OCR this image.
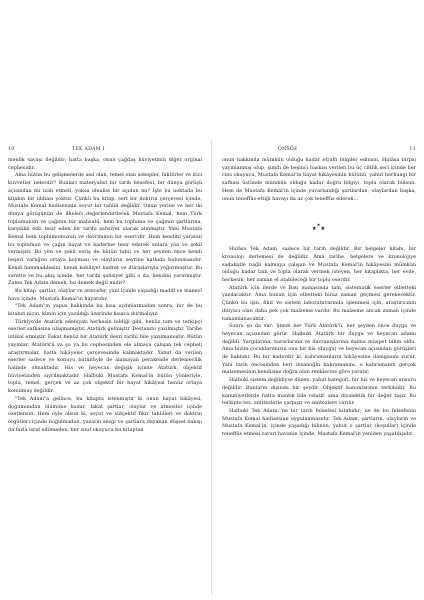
10	TEK ADAM I

menlik savaşı değildir; hatta başka, onun çağdaş hüviyetinin diğer orijinal cephesidir.

Ama bütün bu gelişmelerde asıl olan, temel olan sebepler, faktörler ve itici kuvvetler nelerdir? Bunları materyalist bir tarih felsefesi, bir dünya görüşü açısından mı izah etmeli, yoksa idealist bir açıdan mı? İşte bu noktada bu kitabın bir iddiası yoktur. Çünkü bu kitap, sert bir doktrin çerçevesi içinde, Mustafa Kemal hadisesinin soyut bir tahlili değildir. Onun yerine ve her iki dünya görüşünün de ilkeleri değerlendirilerek Mustafa Kemal, hem Türk toplumunun ve çağının bir mahsulü, hem bu topluma ve çağının şartlarına, karşılıklı etki tesir eden bir tarihi şahsiyet olarak alınmıştır. Yani Mustafa Kemal hem toplumumuzun ve devriminin bir eseri'dir. Hem kendini yaratan bu toplumun ve çağın hayat ve kaderine tesir ederek onlara yön ve şekil vermiştir. Bu yön ve şekil veriş de bütün tabii ve her şeyden önce kendi beşerî varlığını ortaya koyması ve olayların seyrine katkıda bulunmasıdır. Kendi hammaddesini, kendi kabiliyet kudret ve iltiraslarıyla yoğurmuştur. Bu surette ve bu akış içinde, her tarihi şahsiyet gibi o da, kendini yaratmıştır. Zaten Tek Adam demek, bu demek değil midir?

Bu kitap, şartlar, olaylar ve atmosfer, yani içinde yaşadığı maddî ve manevî hava içinde, Mustafa Kemal'in hayatıdır.

"Tek Adam"ın yapısı hakkında bu kısa aydınlatmadan sonra, bir de bu kitabın niçin, kimin için yazıldığı üzerinde kısaca durmalıyız:

Türkiye'de Atatürk edebiyatı herkesin bildiği gibi, henüz tam ve terkipçi eserler safhasına ulaşmamıştır. Atatürk gelmiştir. Destanını yazılmıştır. Tarihe intikal etmiştir. Fakat henüz bir Atatürk devri tarihi bile yazılmamıştır. Bütün yayınlar, Atatürk'ü ya şu ya bu cephesinden ele almaya çalışan tek cepheli araştırmalar, hatta hikâyeler çerçevesinde kalmaktadır. Yahut da verilen eserler sadece ve konuyu bütünüyle de alamayan perakende derlemecilik halinde olmaktadır. His ve heyecan değişik içinde Atatürk, objektif hüviyetinden sıyrılmaktadır. Halbuki Mustafa Kemal'in bütün yönleriyle, toplu, temel, gerçek ve az çok objektif bir hayat hikâyesi henüz ortaya konulmuş değildir.

"Tek Adam"a gelince, bu kitapta istenmiştir ki onun hayat hikâyesi, doğumundan ölümüne kadar, fakat şartlar, olaylar ve atmosfer içinde özetlensin. Hem öyle olsun ki, soyut ve sübjektif fikir tahlilleri ve doktrin örgütleri içinde boğulmadan, yazarın sezgi ve şartlara dayanan düşsel bakışı da fazla israf edilmeden, her sınıf okuyucu bu kitaptan

ÖNSÖZ	11

onun hakkında mümkün olduğu kadar etraflı bilgiler edinsin, Hulâsa birpsi yayınlanmış olup, şimdi de beşinci baskısı verilen bu üç ciltlik seri içinde her cins okuyucu, Mustafa Kemal'in hayat hikâyesinin bütünü, yahut herhangi bir safhası üstünde mümkün olduğu kadar doğru bilgiyi, toplu olarak bulsun. Hem de Mustafa Kemal'in içinde yuvarlandığı şartlardan, olaylardan başka, onun teneffüs ettiği havayı da az çok teneffüs ederek…

★
★ ★

Hulâsa Tek Adam, sadece bir tarih değildir. Bir belgeler kitabı, bir kronoloji derlemesi de değildir. Ama tarihe, belgelere ve kronolojiye sadakatle bağlı kalmaya çalışan ve Mustafa Kemal'in hikâyesini mümkün olduğu kadar tam ve topla olarak vermek isteyen, her kitaplıkta, her evde, herkesin, her zaman el atabileceği bir toplu eserdir.

Atatürk için ilerde ve Batı manasında tam, sistematik eserler elbetteki yazılacaktır. Ama bunun için elbetteki biraz zaman geçmesi gerekecektir. Çünkü bu işin, fikir ve sistem laboratuvarında işlenmesi için, araştırıcının ihtiyacı olan daha pek çok malzeme vardır. Bu malzeme ancak zaman içinde tamamlanacaktır.

Sonra şu da var: Şimdi her Türk Atatürk'ü, her şeyden önce duygu ve heyecan açısından görür. Halbuki Atatürk bir duygu ve heyecan adamı değildi. Yargılarına, kararlarına ve davranışlarına daima müspet bilim oldu. Ama bizim çocuklarımızın onu bir his (duygu) ve heyecan açısından görüşleri de haklıdır. Bu bir kaderdir ki, kahramanların hikâyesine damgasını vurur. Yani tarih öncesinden beri insanoğlu kahramanını, o kahramanın gerçek malzemesinin kendisine doğru olan renklerine göre yaratır.

Halbuki sistem değildiyse düzen, yahut kategori, bir his ve heyecan unsuru değildir. Bunların dışında bir şeydir. Objektif kanunlarının terkibidir. Bu kanuniyetlerde hatta mantık bile relatif, ama diyalektik bir değer taşır. Bu terkipte tez, antitezlerle çarpışır ve sentezlere varılır.

Halbuki Tek Adam, ne bir tarih felsefesi kitabıdır; ne de bu felsefenin Mustafa Kemal hadisesine uygulanmasıdır. Tek Adam, şartların, olayların ve Mustafa Kemal'in, içinde yaşadığı bilinen, yahut o şartlar (koşullar) içinde teneffüs etmesi zaruri havanın içinde, Mustafa Kemal'in yeniden yaşatılışıdır.
